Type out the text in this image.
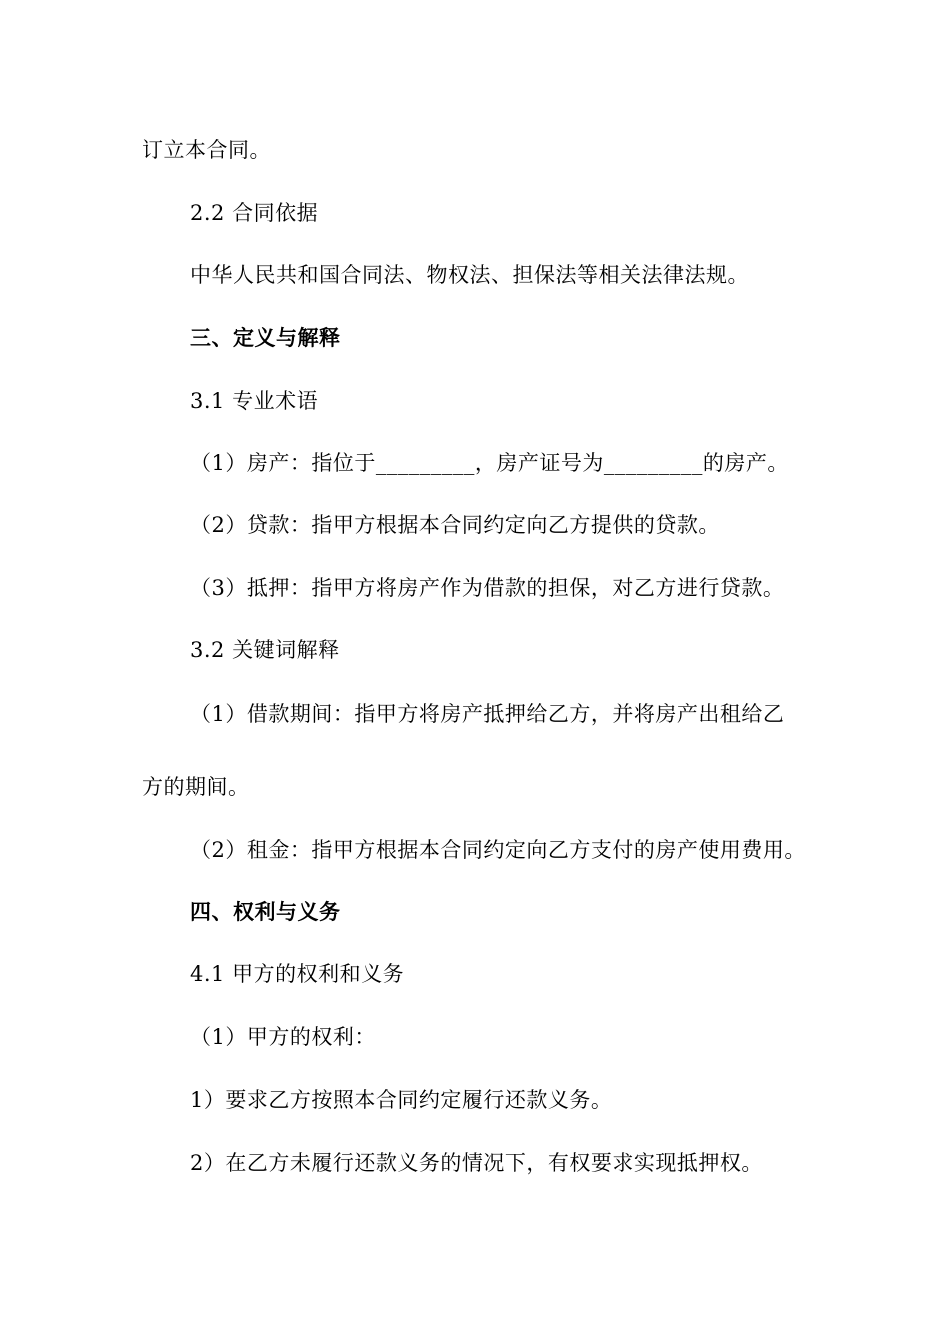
订立本合同。
2.2 合同依据
中华人民共和国合同法、物权法、担保法等相关法律法规。
三、定义与解释
3.1 专业术语
（1）房产：指位于_________，房产证号为_________的房产。
（2）贷款：指甲方根据本合同约定向乙方提供的贷款。
（3）抵押：指甲方将房产作为借款的担保，对乙方进行贷款。
3.2 关键词解释
（1）借款期间：指甲方将房产抵押给乙方，并将房产出租给乙
方的期间。
（2）租金：指甲方根据本合同约定向乙方支付的房产使用费用。
四、权利与义务
4.1 甲方的权利和义务
（1）甲方的权利：
1）要求乙方按照本合同约定履行还款义务。
2）在乙方未履行还款义务的情况下，有权要求实现抵押权。
